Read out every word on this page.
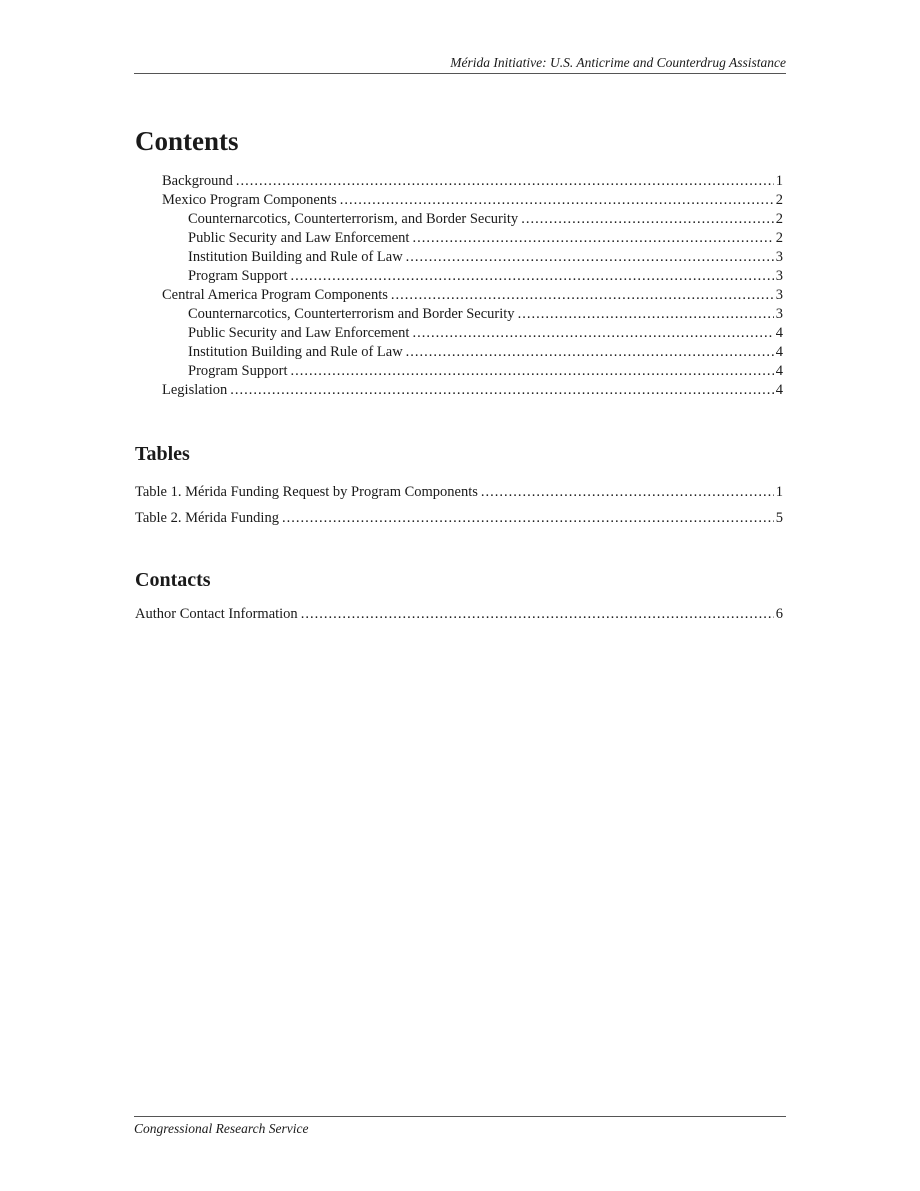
Mérida Initiative: U.S. Anticrime and Counterdrug Assistance
Contents
Background .....	1
Mexico Program Components .....	2
Counternarcotics, Counterterrorism, and Border Security .....	2
Public Security and Law Enforcement .....	2
Institution Building and Rule of Law .....	3
Program Support .....	3
Central America Program Components .....	3
Counternarcotics, Counterterrorism and Border Security .....	3
Public Security and Law Enforcement .....	4
Institution Building and Rule of Law .....	4
Program Support .....	4
Legislation .....	4
Tables
Table 1. Mérida Funding Request by Program Components .....	1
Table 2. Mérida Funding .....	5
Contacts
Author Contact Information .....	6
Congressional Research Service
